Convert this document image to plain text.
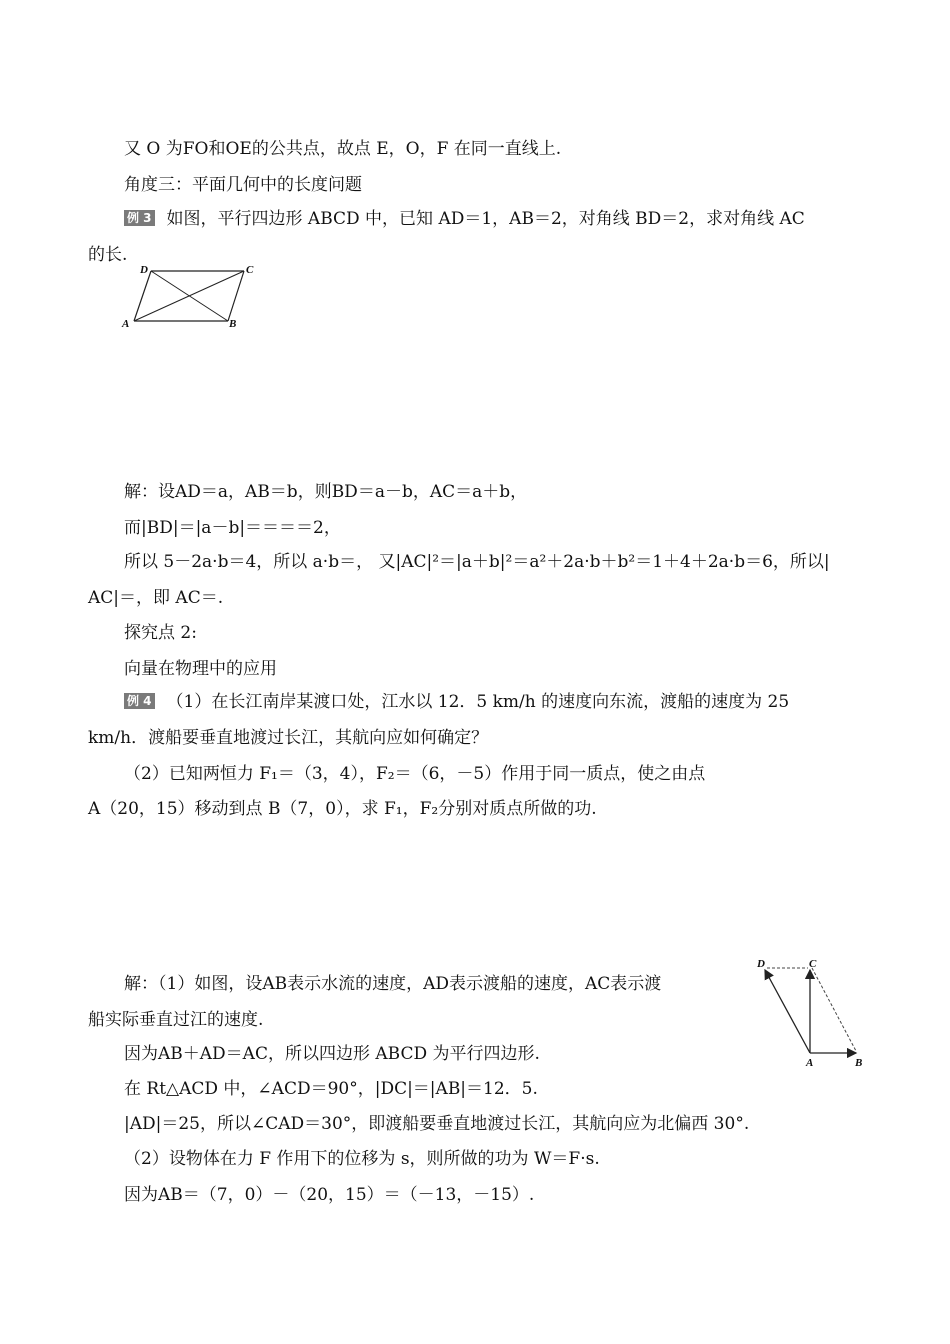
又 O 为FO和OE的公共点，故点 E，O，F 在同一直线上.
角度三：平面几何中的长度问题
例 3 如图，平行四边形 ABCD 中，已知 AD＝1，AB＝2，对角线 BD＝2，求对角线 AC
的长.
D	C
A	B
解：设AD＝a，AB＝b，则BD＝a－b，AC＝a＋b，
而|BD|＝|a－b|＝＝＝＝2，
所以 5－2a·b＝4，所以 a·b＝， 又|AC|²＝|a＋b|²＝a²＋2a·b＋b²＝1＋4＋2a·b＝6，所以|
AC|＝，即 AC＝.
探究点 2:
向量在物理中的应用
例 4 （1）在长江南岸某渡口处，江水以 12．5 km/h 的速度向东流，渡船的速度为 25
km/h．渡船要垂直地渡过长江，其航向应如何确定？
（2）已知两恒力 F₁＝（3，4），F₂＝（6，－5）作用于同一质点，使之由点
A（20，15）移动到点 B（7，0），求 F₁，F₂分别对质点所做的功.
解：（1）如图，设AB表示水流的速度，AD表示渡船的速度，AC表示渡
船实际垂直过江的速度.
D	C
A	B
因为AB＋AD＝AC，所以四边形 ABCD 为平行四边形.
在 Rt△ACD 中，∠ACD＝90°，|DC|＝|AB|＝12．5.
|AD|＝25，所以∠CAD＝30°，即渡船要垂直地渡过长江，其航向应为北偏西 30°.
（2）设物体在力 F 作用下的位移为 s，则所做的功为 W＝F·s.
因为AB＝（7，0）－（20，15）＝（－13，－15）.
